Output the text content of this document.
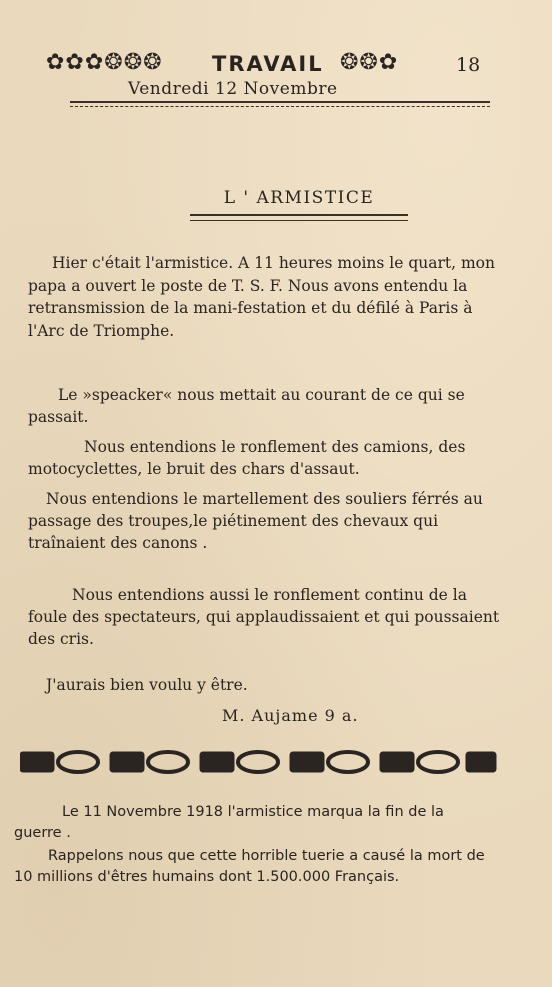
✿✿✿❂❂❂ TRAVAIL ❂❂✿	18
Vendredi 12 Novembre
L ' ARMISTICE

Hier c'était l'armistice. A 11 heures moins le quart, mon papa a ouvert le poste de T. S. F. Nous avons entendu la retransmission de la mani-festation et du défilé à Paris à l'Arc de Triomphe.

Le »speacker« nous mettait au courant de ce qui se passait.

Nous entendions le ronflement des camions, des motocyclettes, le bruit des chars d'assaut.

Nous entendions le martellement des souliers férrés au passage des troupes,le piétinement des chevaux qui traînaient des canons .

Nous entendions aussi le ronflement continu de la foule des spectateurs, qui applaudissaient et qui poussaient des cris.

J'aurais bien voulu y être.

M. Aujame 9 a.

Le 11 Novembre 1918 l'armistice marqua la fin de la guerre .

Rappelons nous que cette horrible tuerie a causé la mort de 10 millions d'êtres humains dont 1.500.000 Français.
